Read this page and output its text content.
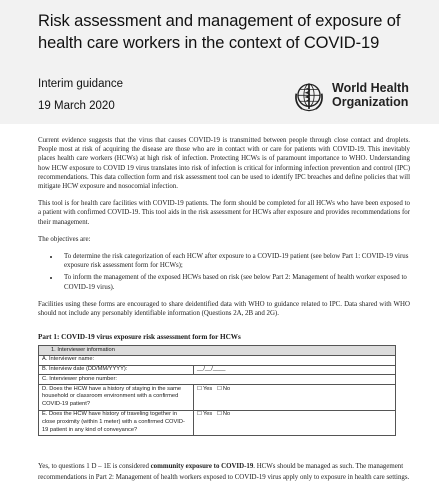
Risk assessment and management of exposure of health care workers in the context of COVID-19
Interim guidance
19 March 2020
World Health Organization

Current evidence suggests that the virus that causes COVID-19 is transmitted between people through close contact and droplets. People most at risk of acquiring the disease are those who are in contact with or care for patients with COVID-19. This inevitably places health care workers (HCWs) at high risk of infection. Protecting HCWs is of paramount importance to WHO. Understanding how HCW exposure to COVID 19 virus translates into risk of infection is critical for informing infection prevention and control (IPC) recommendations. This data collection form and risk assessment tool can be used to identify IPC breaches and define policies that will mitigate HCW exposure and nosocomial infection.

This tool is for health care facilities with COVID-19 patients. The form should be completed for all HCWs who have been exposed to a patient with confirmed COVID-19. This tool aids in the risk assessment for HCWs after exposure and provides recommendations for their management.

The objectives are:

• To determine the risk categorization of each HCW after exposure to a COVID-19 patient (see below Part 1: COVID-19 virus exposure risk assessment form for HCWs);
• To inform the management of the exposed HCWs based on risk (see below Part 2: Management of health worker exposed to COVID-19 virus).

Facilities using these forms are encouraged to share deidentified data with WHO to guidance related to IPC. Data shared with WHO should not include any personably identifiable information (Questions 2A, 2B and 2G).

Part 1: COVID-19 virus exposure risk assessment form for HCWs
1. Interviewer information	
A. Interviewer name:	
B. Interview date (DD/MM/YYYY):	__/__/____
C. Interviewer phone number:	
D. Does the HCW have a history of staying in the same household or classroom environment with a confirmed COVID-19 patient?	☐Yes ☐No
E. Does the HCW have history of traveling together in close proximity (within 1 meter) with a confirmed COVID-19 patient in any kind of conveyance?	☐Yes ☐No
Yes, to questions 1 D – 1E is considered community exposure to COVID-19. HCWs should be managed as such. The management recommendations in Part 2: Management of health workers exposed to COVID-19 virus apply only to exposure in health care settings.
